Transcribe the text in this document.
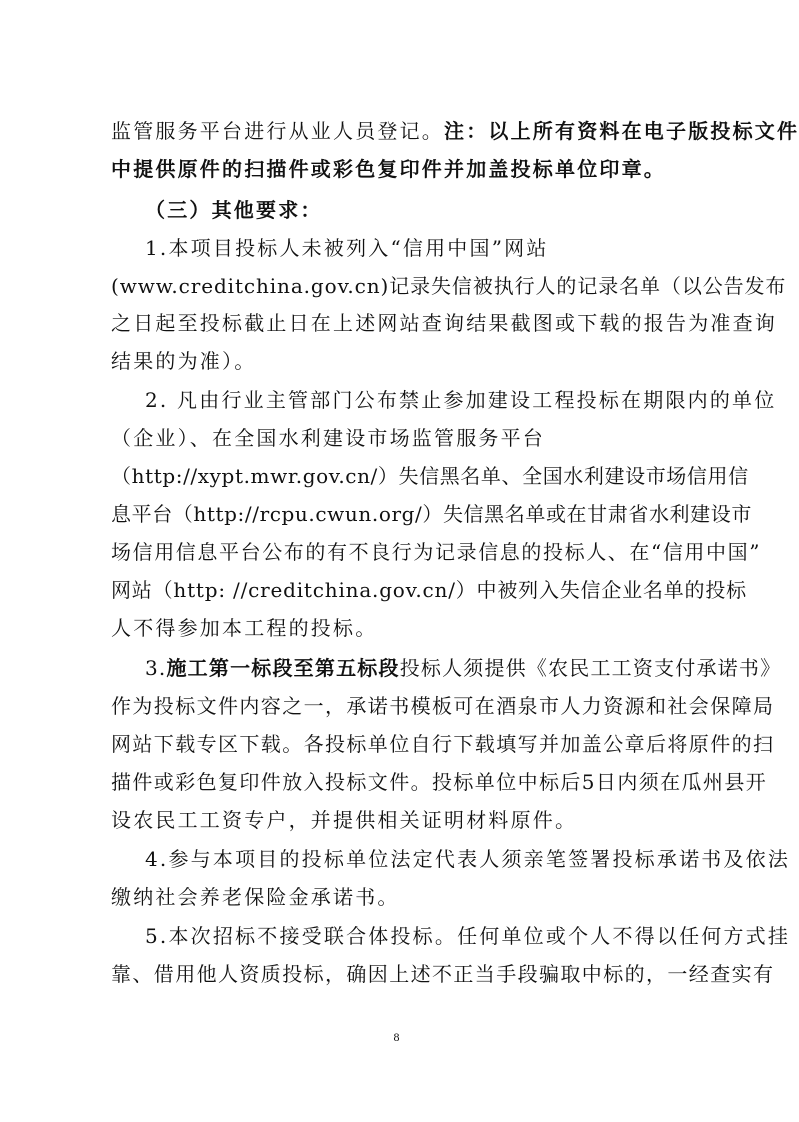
监管服务平台进行从业人员登记。注：以上所有资料在电子版投标文件
中提供原件的扫描件或彩色复印件并加盖投标单位印章。
（三）其他要求：
1.本项目投标人未被列入“信用中国”网站
(www.creditchina.gov.cn)记录失信被执行人的记录名单（以公告发布
之日起至投标截止日在上述网站查询结果截图或下载的报告为准查询
结果的为准）。
2. 凡由行业主管部门公布禁止参加建设工程投标在期限内的单位
（企业）、在全国水利建设市场监管服务平台
（http://xypt.mwr.gov.cn/）失信黑名单、全国水利建设市场信用信
息平台（http://rcpu.cwun.org/）失信黑名单或在甘肃省水利建设市
场信用信息平台公布的有不良行为记录信息的投标人、在“信用中国”
网站（http: //creditchina.gov.cn/）中被列入失信企业名单的投标
人不得参加本工程的投标。
3.施工第一标段至第五标段投标人须提供《农民工工资支付承诺书》
作为投标文件内容之一，承诺书模板可在酒泉市人力资源和社会保障局
网站下载专区下载。各投标单位自行下载填写并加盖公章后将原件的扫
描件或彩色复印件放入投标文件。投标单位中标后5日内须在瓜州县开
设农民工工资专户，并提供相关证明材料原件。
4.参与本项目的投标单位法定代表人须亲笔签署投标承诺书及依法
缴纳社会养老保险金承诺书。
5.本次招标不接受联合体投标。任何单位或个人不得以任何方式挂
靠、借用他人资质投标，确因上述不正当手段骗取中标的，一经查实有
8
